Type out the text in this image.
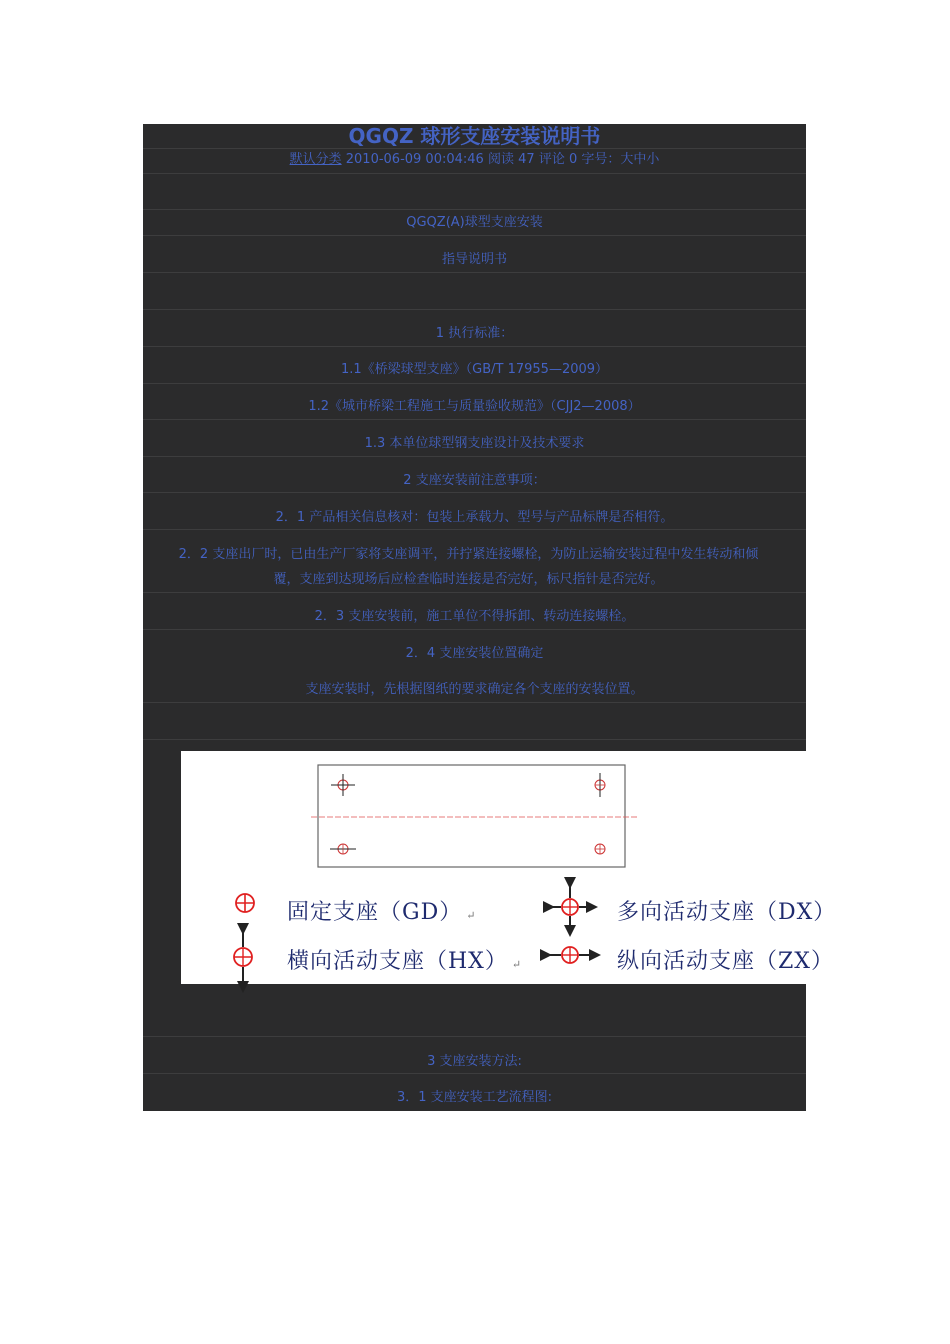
QGQZ 球形支座安装说明书
默认分类 2010-06-09 00:04:46 阅读 47 评论 0 字号：大中小
QGQZ(A)球型支座安装
指导说明书
1 执行标准：
1.1《桥梁球型支座》（GB/T 17955—2009）
1.2《城市桥梁工程施工与质量验收规范》（CJJ2—2008）
1.3 本单位球型钢支座设计及技术要求
2 支座安装前注意事项：
2．1 产品相关信息核对：包装上承载力、型号与产品标牌是否相符。
2．2 支座出厂时，已由生产厂家将支座调平，并拧紧连接螺栓，为防止运输安装过程中发生转动和倾
覆，支座到达现场后应检查临时连接是否完好，标尺指针是否完好。
2．3 支座安装前，施工单位不得拆卸、转动连接螺栓。
2．4 支座安装位置确定
支座安装时，先根据图纸的要求确定各个支座的安装位置。
固定支座（GD） ↵	多向活动支座（DX）
横向活动支座（HX） ↵	纵向活动支座（ZX）
3 支座安装方法:
3．1 支座安装工艺流程图:
